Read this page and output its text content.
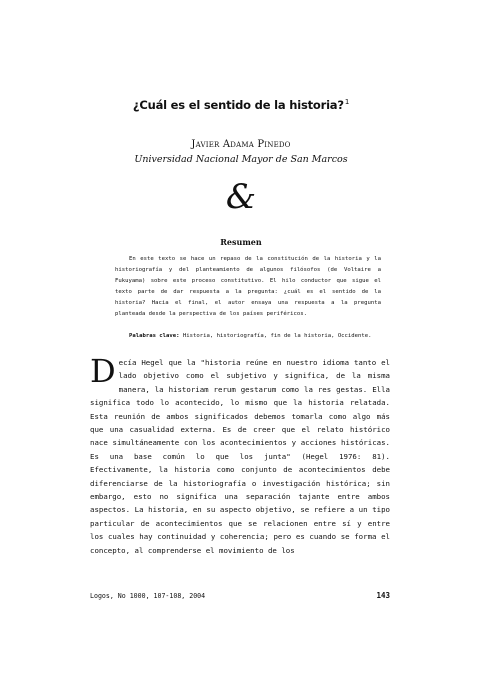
¿Cuál es el sentido de la historia?$^1$
Javier Adama Pinedo
Universidad Nacional Mayor de San Marcos
&
Resumen

En este texto se hace un repaso de la constitución de la historia y la historiografía y del planteamiento de algunos filósofos (de Voltaire a Fukuyama) sobre este proceso constitutivo. El hilo conductor que sigue el texto parte de dar respuesta a la pregunta: ¿cuál es el sentido de la historia? Hacia el final, el autor ensaya una respuesta a la pregunta planteada desde la perspectiva de los países periféricos.

Palabras clave: Historia, historiografía, fin de la historia, Occidente.

Decía Hegel que la "historia reúne en nuestro idioma tanto el lado objetivo como el subjetivo y significa, de la misma manera, la historiam rerum gestarum como la res gestas. Ella significa todo lo acontecido, lo mismo que la historia relatada. Esta reunión de ambos significados debemos tomarla como algo más que una casualidad externa. Es de creer que el relato histórico nace simultáneamente con los acontecimientos y acciones históricas. Es una base común lo que los junta" (Hegel 1976: 81). Efectivamente, la historia como conjunto de acontecimientos debe diferenciarse de la historiografía o investigación histórica; sin embargo, esto no significa una separación tajante entre ambos aspectos. La historia, en su aspecto objetivo, se refiere a un tipo particular de acontecimientos que se relacionen entre sí y entre los cuales hay continuidad y coherencia; pero es cuando se forma el concepto, al comprenderse el movimiento de los

Logos, No 1000, 107-108, 2004	143
